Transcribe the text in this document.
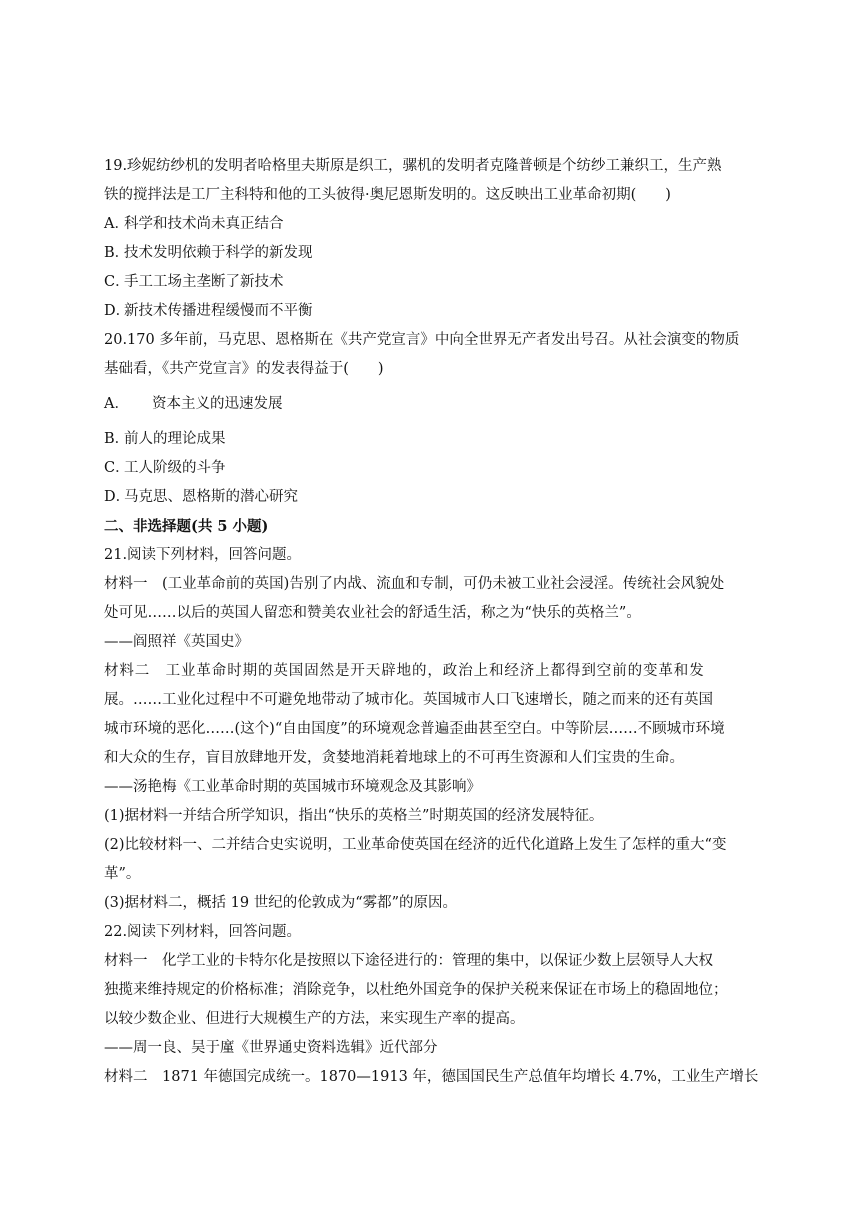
19.珍妮纺纱机的发明者哈格里夫斯原是织工，骡机的发明者克隆普顿是个纺纱工兼织工，生产熟
铁的搅拌法是工厂主科特和他的工头彼得·奥尼恩斯发明的。这反映出工业革命初期(　　)
A．科学和技术尚未真正结合
B．技术发明依赖于科学的新发现
C．手工工场主垄断了新技术
D．新技术传播进程缓慢而不平衡
20.170 多年前，马克思、恩格斯在《共产党宣言》中向全世界无产者发出号召。从社会演变的物质
基础看，《共产党宣言》的发表得益于(　　)
A． 资本主义的迅速发展
B．前人的理论成果
C．工人阶级的斗争
D．马克思、恩格斯的潜心研究
二、非选择题(共 5 小题)
21.阅读下列材料，回答问题。
材料一　(工业革命前的英国)告别了内战、流血和专制，可仍未被工业社会浸淫。传统社会风貌处
处可见……以后的英国人留恋和赞美农业社会的舒适生活，称之为“快乐的英格兰”。
——阎照祥《英国史》
材料二　工业革命时期的英国固然是开天辟地的，政治上和经济上都得到空前的变革和发
展。……工业化过程中不可避免地带动了城市化。英国城市人口飞速增长，随之而来的还有英国
城市环境的恶化……(这个)“自由国度”的环境观念普遍歪曲甚至空白。中等阶层……不顾城市环境
和大众的生存，盲目放肆地开发，贪婪地消耗着地球上的不可再生资源和人们宝贵的生命。
——汤艳梅《工业革命时期的英国城市环境观念及其影响》
(1)据材料一并结合所学知识，指出“快乐的英格兰”时期英国的经济发展特征。
(2)比较材料一、二并结合史实说明，工业革命使英国在经济的近代化道路上发生了怎样的重大“变
革”。
(3)据材料二，概括 19 世纪的伦敦成为“雾都”的原因。
22.阅读下列材料，回答问题。
材料一　化学工业的卡特尔化是按照以下途径进行的：管理的集中，以保证少数上层领导人大权
独揽来维持规定的价格标准；消除竞争，以杜绝外国竞争的保护关税来保证在市场上的稳固地位；
以较少数企业、但进行大规模生产的方法，来实现生产率的提高。
——周一良、吴于廑《世界通史资料选辑》近代部分
材料二　1871 年德国完成统一。1870—1913 年，德国国民生产总值年均增长 4.7%，工业生产增长
